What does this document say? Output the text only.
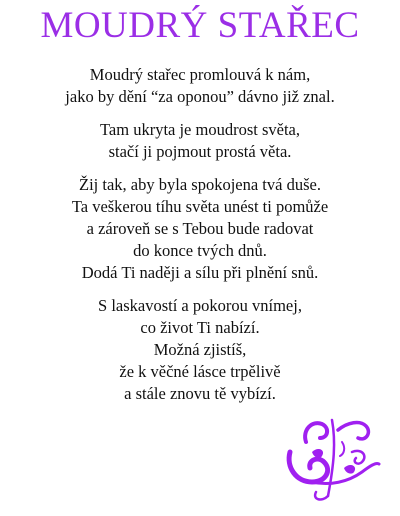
MOUDRÝ STAŘEC
Moudrý stařec promlouvá k nám,
jako by dění “za oponou” dávno již znal.
Tam ukryta je moudrost světa,
stačí ji pojmout prostá věta.
Žij tak, aby byla spokojena tvá duše.
Ta veškerou tíhu světa unést ti pomůže
a zároveň se s Tebou bude radovat
do konce tvých dnů.
Dodá Ti naději a sílu při plnění snů.
S laskavostí a pokorou vnímej,
co život Ti nabízí.
Možná zjistíš,
že k věčné lásce trpělivě
a stále znovu tě vybízí.
